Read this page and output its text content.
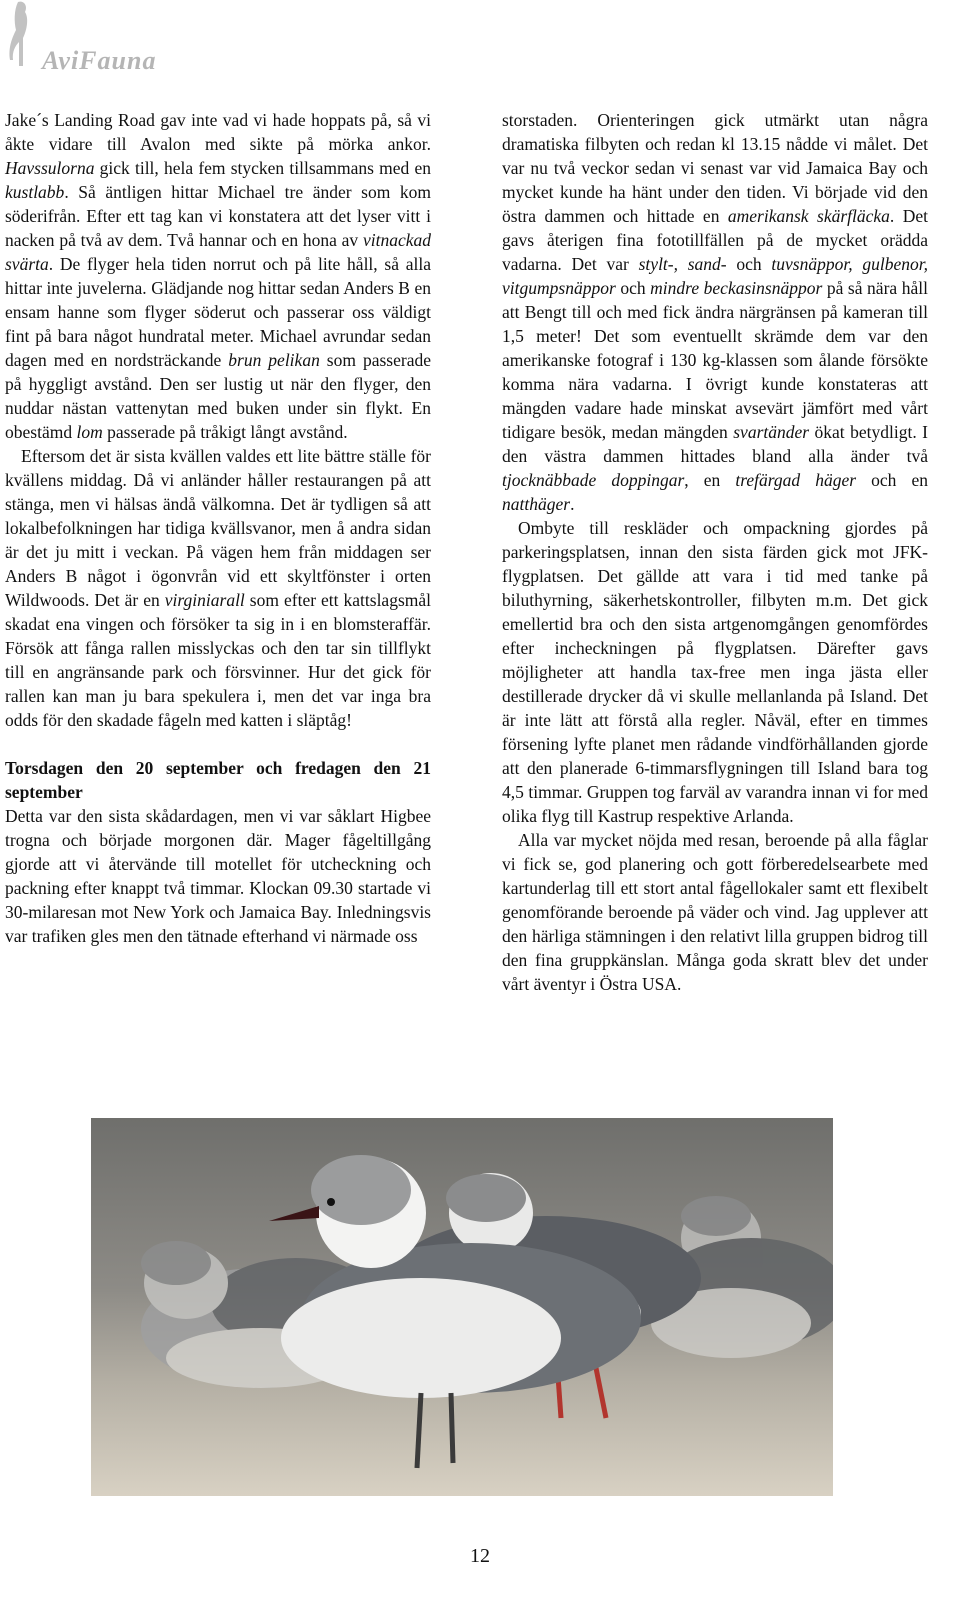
AviFauna

Jake´s Landing Road gav inte vad vi hade hoppats på, så vi åkte vidare till Avalon med sikte på mörka ankor. Havssulorna gick till, hela fem stycken tillsammans med en kustlabb. Så äntligen hittar Michael tre änder som kom söderifrån. Efter ett tag kan vi konstatera att det lyser vitt i nacken på två av dem. Två hannar och en hona av vitnackad svärta. De flyger hela tiden norrut och på lite håll, så alla hittar inte juvelerna. Glädjande nog hittar sedan Anders B en ensam hanne som flyger söderut och passerar oss väldigt fint på bara något hundratal meter. Michael avrundar sedan dagen med en nordsträckande brun pelikan som passerade på hyggligt avstånd. Den ser lustig ut när den flyger, den nuddar nästan vattenytan med buken under sin flykt. En obestämd lom passerade på tråkigt långt avstånd.

Eftersom det är sista kvällen valdes ett lite bättre ställe för kvällens middag. Då vi anländer håller restaurangen på att stänga, men vi hälsas ändå välkomna. Det är tydligen så att lokalbefolkningen har tidiga kvällsvanor, men å andra sidan är det ju mitt i veckan. På vägen hem från middagen ser Anders B något i ögonvrån vid ett skyltfönster i orten Wildwoods. Det är en virginiarall som efter ett kattslagsmål skadat ena vingen och försöker ta sig in i en blomsteraffär. Försök att fånga rallen misslyckas och den tar sin tillflykt till en angränsande park och försvinner. Hur det gick för rallen kan man ju bara spekulera i, men det var inga bra odds för den skadade fågeln med katten i släptåg!

Torsdagen den 20 september och fredagen den 21 september

Detta var den sista skådardagen, men vi var såklart Higbee trogna och började morgonen där. Mager fågeltillgång gjorde att vi återvände till motellet för utcheckning och packning efter knappt två timmar. Klockan 09.30 startade vi 30-milaresan mot New York och Jamaica Bay. Inledningsvis var trafiken gles men den tätnade efterhand vi närmade oss

storstaden. Orienteringen gick utmärkt utan några dramatiska filbyten och redan kl 13.15 nådde vi målet. Det var nu två veckor sedan vi senast var vid Jamaica Bay och mycket kunde ha hänt under den tiden. Vi började vid den östra dammen och hittade en amerikansk skärfläcka. Det gavs återigen fina fototillfällen på de mycket orädda vadarna. Det var stylt-, sand- och tuvsnäppor, gulbenor, vitgumpsnäppor och mindre beckasinsnäppor på så nära håll att Bengt till och med fick ändra närgränsen på kameran till 1,5 meter! Det som eventuellt skrämde dem var den amerikanske fotograf i 130 kg-klassen som ålande försökte komma nära vadarna. I övrigt kunde konstateras att mängden vadare hade minskat avsevärt jämfört med vårt tidigare besök, medan mängden svartänder ökat betydligt. I den västra dammen hittades bland alla änder två tjocknäbbade doppingar, en trefärgad häger och en natthäger.

Ombyte till reskläder och ompackning gjordes på parkeringsplatsen, innan den sista färden gick mot JFK-flygplatsen. Det gällde att vara i tid med tanke på biluthyrning, säkerhetskontroller, filbyten m.m. Det gick emellertid bra och den sista artgenomgången genomfördes efter incheckningen på flygplatsen. Därefter gavs möjligheter att handla tax-free men inga jästa eller destillerade drycker då vi skulle mellanlanda på Island. Det är inte lätt att förstå alla regler. Nåväl, efter en timmes försening lyfte planet men rådande vindförhållanden gjorde att den planerade 6-timmarsflygningen till Island bara tog 4,5 timmar. Gruppen tog farväl av varandra innan vi for med olika flyg till Kastrup respektive Arlanda.

Alla var mycket nöjda med resan, beroende på alla fåglar vi fick se, god planering och gott förberedelsearbete med kartunderlag till ett stort antal fågellokaler samt ett flexibelt genomförande beroende på väder och vind. Jag upplever att den härliga stämningen i den relativt lilla gruppen bidrog till den fina gruppkänslan. Många goda skratt blev det under vårt äventyr i Östra USA.

12
